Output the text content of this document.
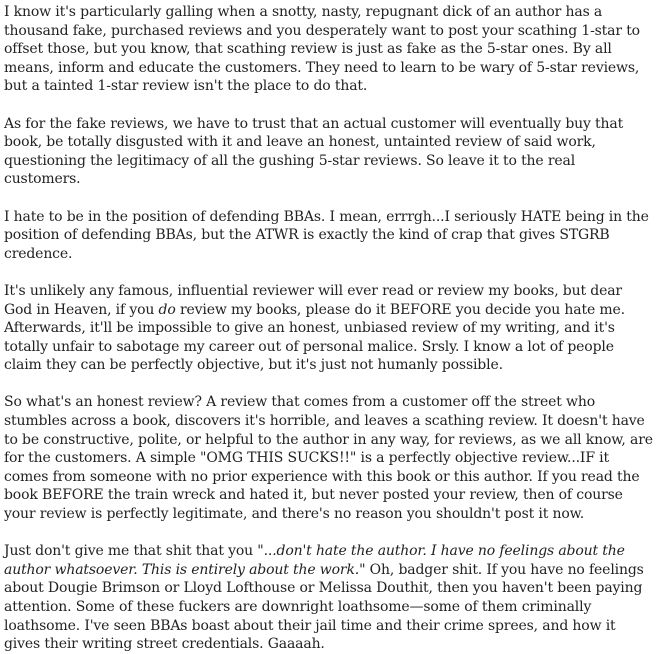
I know it's particularly galling when a snotty, nasty, repugnant dick of an author has a thousand fake, purchased reviews and you desperately want to post your scathing 1-star to offset those, but you know, that scathing review is just as fake as the 5-star ones. By all means, inform and educate the customers. They need to learn to be wary of 5-star reviews, but a tainted 1-star review isn't the place to do that.

As for the fake reviews, we have to trust that an actual customer will eventually buy that book, be totally disgusted with it and leave an honest, untainted review of said work, questioning the legitimacy of all the gushing 5-star reviews. So leave it to the real customers.

I hate to be in the position of defending BBAs. I mean, errrgh...I seriously HATE being in the position of defending BBAs, but the ATWR is exactly the kind of crap that gives STGRB credence.

It's unlikely any famous, influential reviewer will ever read or review my books, but dear God in Heaven, if you do review my books, please do it BEFORE you decide you hate me. Afterwards, it'll be impossible to give an honest, unbiased review of my writing, and it's totally unfair to sabotage my career out of personal malice. Srsly. I know a lot of people claim they can be perfectly objective, but it's just not humanly possible.

So what's an honest review? A review that comes from a customer off the street who stumbles across a book, discovers it's horrible, and leaves a scathing review. It doesn't have to be constructive, polite, or helpful to the author in any way, for reviews, as we all know, are for the customers. A simple "OMG THIS SUCKS!!" is a perfectly objective review...IF it comes from someone with no prior experience with this book or this author. If you read the book BEFORE the train wreck and hated it, but never posted your review, then of course your review is perfectly legitimate, and there's no reason you shouldn't post it now.

Just don't give me that shit that you "...don't hate the author. I have no feelings about the author whatsoever. This is entirely about the work." Oh, badger shit. If you have no feelings about Dougie Brimson or Lloyd Lofthouse or Melissa Douthit, then you haven't been paying attention. Some of these fuckers are downright loathsome—some of them criminally loathsome. I've seen BBAs boast about their jail time and their crime sprees, and how it gives their writing street credentials. Gaaaah.
